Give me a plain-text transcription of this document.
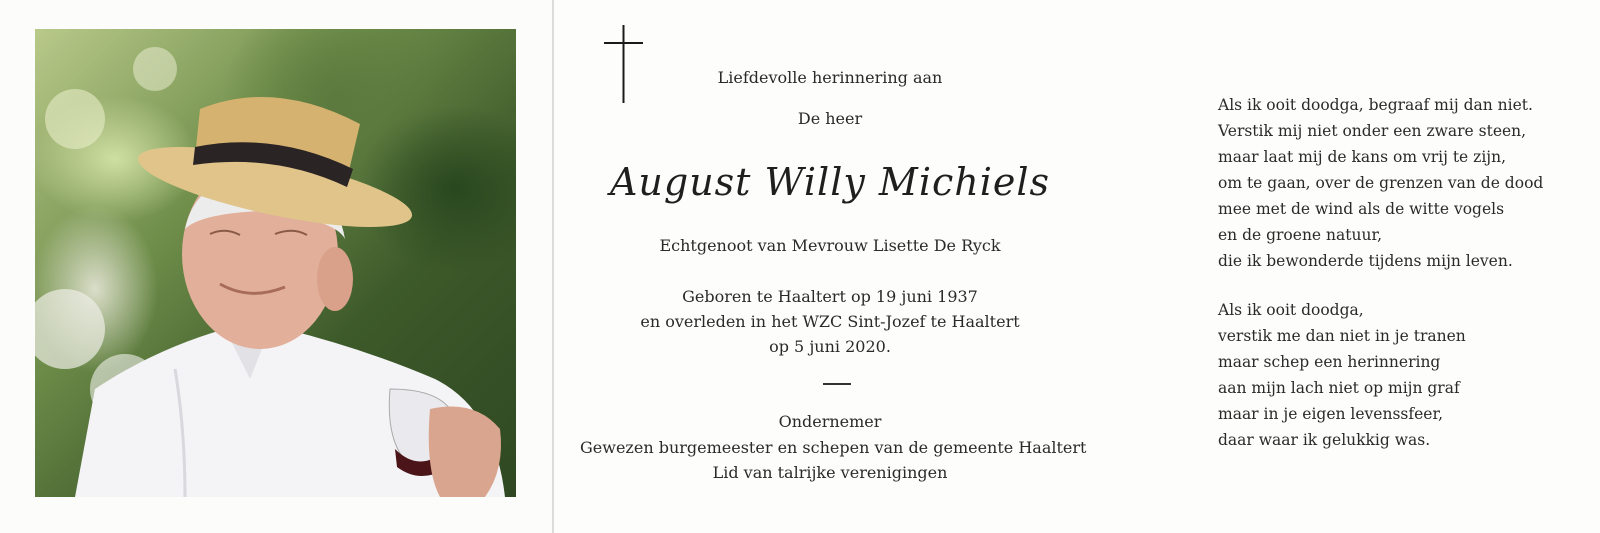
Liefdevolle herinnering aan
De heer
August Willy Michiels
Echtgenoot van Mevrouw Lisette De Ryck
Geboren te Haaltert op 19 juni 1937
en overleden in het WZC Sint-Jozef te Haaltert
op 5 juni 2020.
Ondernemer
Gewezen burgemeester en schepen van de gemeente Haaltert
Lid van talrijke verenigingen
Als ik ooit doodga, begraaf mij dan niet.
Verstik mij niet onder een zware steen,
maar laat mij de kans om vrij te zijn,
om te gaan, over de grenzen van de dood
mee met de wind als de witte vogels
en de groene natuur,
die ik bewonderde tijdens mijn leven.
Als ik ooit doodga,
verstik me dan niet in je tranen
maar schep een herinnering
aan mijn lach niet op mijn graf
maar in je eigen levenssfeer,
daar waar ik gelukkig was.
